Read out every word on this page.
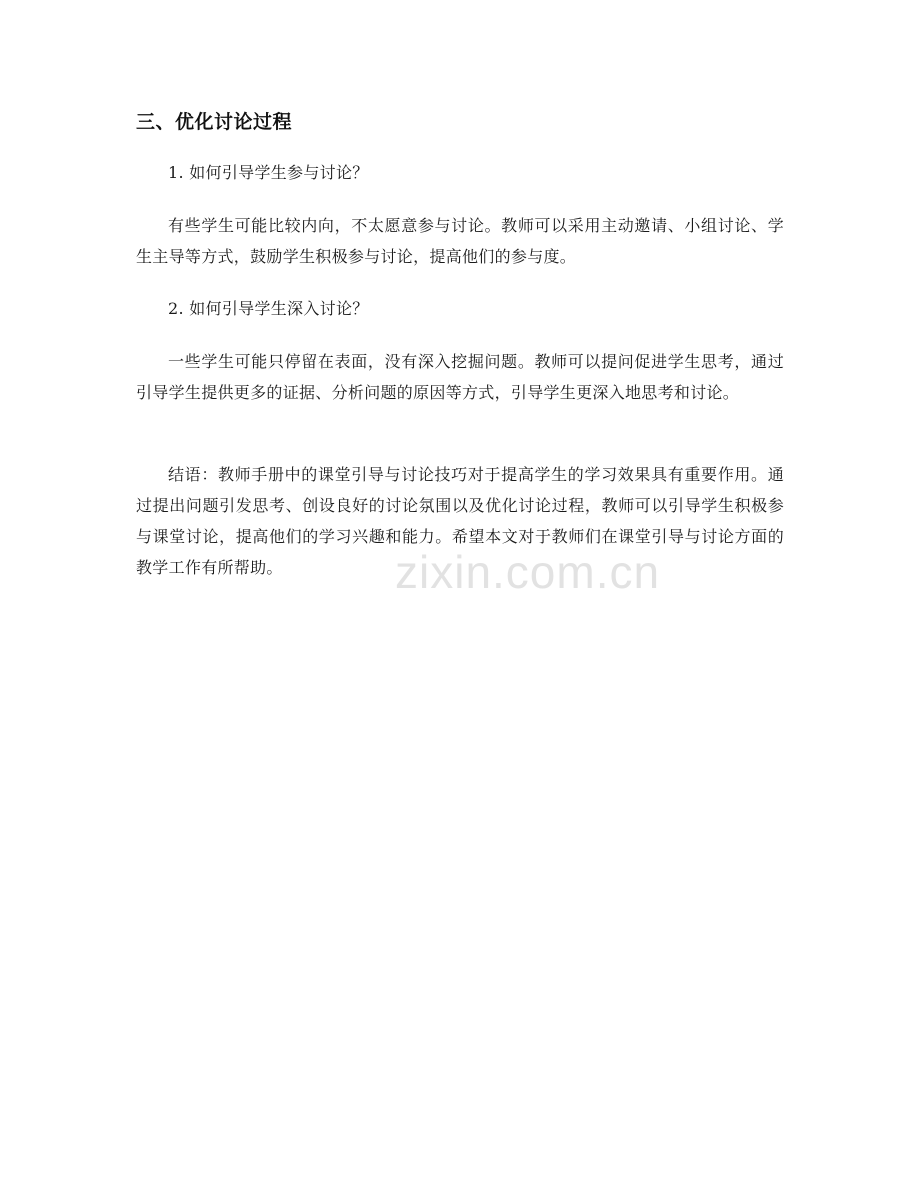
三、优化讨论过程
1. 如何引导学生参与讨论？
有些学生可能比较内向，不太愿意参与讨论。教师可以采用主动邀请、小组讨论、学生主导等方式，鼓励学生积极参与讨论，提高他们的参与度。
2. 如何引导学生深入讨论？
一些学生可能只停留在表面，没有深入挖掘问题。教师可以提问促进学生思考，通过引导学生提供更多的证据、分析问题的原因等方式，引导学生更深入地思考和讨论。
结语：教师手册中的课堂引导与讨论技巧对于提高学生的学习效果具有重要作用。通过提出问题引发思考、创设良好的讨论氛围以及优化讨论过程，教师可以引导学生积极参与课堂讨论，提高他们的学习兴趣和能力。希望本文对于教师们在课堂引导与讨论方面的教学工作有所帮助。	zixin.com.cn
